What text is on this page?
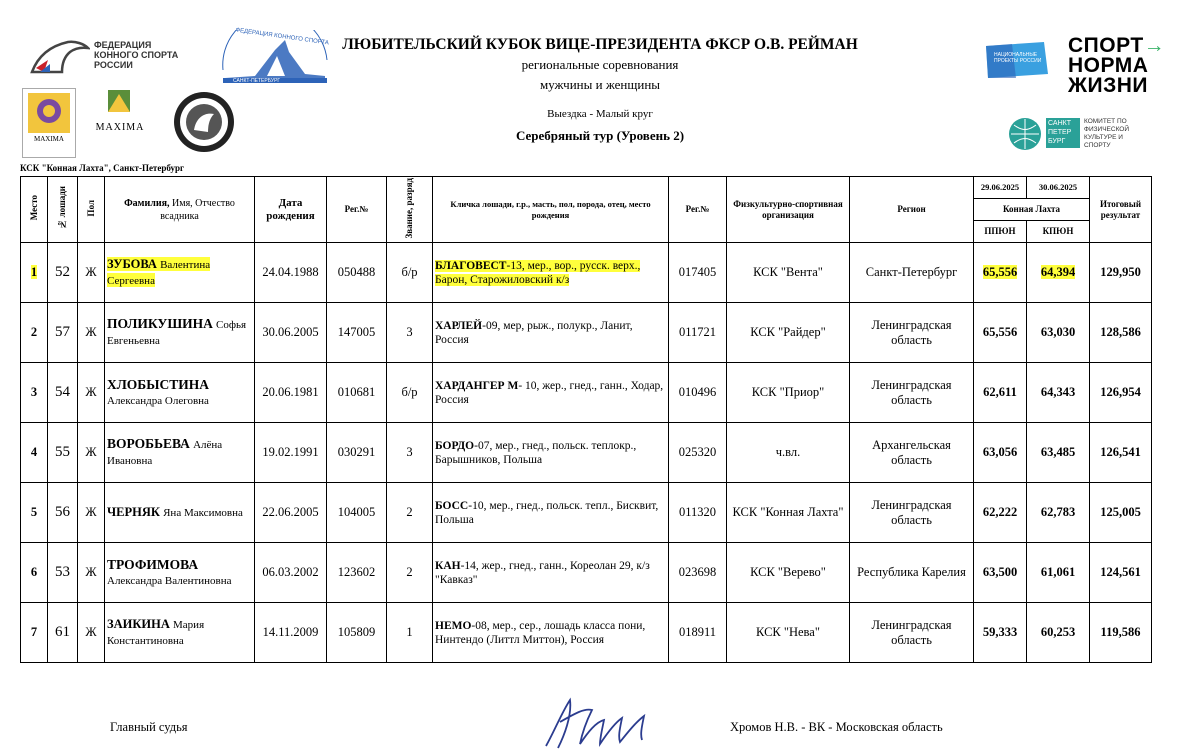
ФЕДЕРАЦИЯ
КОННОГО СПОРТА
РОССИИ
ФЕДЕРАЦИЯ КОННОГО СПОРТА
САНКТ-ПЕТЕРБУРГ
MAXIMA
MAXIMA
ЛЮБИТЕЛЬСКИЙ КУБОК ВИЦЕ-ПРЕЗИДЕНТА ФКСР О.В. РЕЙМАН
региональные соревнования
мужчины и женщины
Выездка - Малый круг
Серебряный тур (Уровень 2)
НАЦИОНАЛЬНЫЕ ПРОЕКТЫ РОССИИ
СПОРТ→
НОРМА
ЖИЗНИ
САНКТ ПЕТЕР БУРГ
КОМИТЕТ ПО ФИЗИЧЕСКОЙ КУЛЬТУРЕ И СПОРТУ
КСК "Конная Лахта", Санкт-Петербург
Место	№ лошади	Пол	Фамилия, Имя, Отчество всадника	Дата рождения	Рег.№	Звание, разряд	Кличка лошади, г.р., масть, пол, порода, отец, место рождения	Рег.№	Физкультурно-спортивная организация	Регион	29.06.2025	30.06.2025	Итоговый результат
											Конная Лахта		
											ППЮН	КПЮН	
1	52	Ж	ЗУБОВА Валентина Сергеевна	24.04.1988	050488	б/р	БЛАГОВЕСТ-13, мер., вор., русск. верх., Барон, Старожиловский к/з	017405	КСК "Вента"	Санкт-Петербург	65,556	64,394	129,950
2	57	Ж	ПОЛИКУШИНА Софья Евгеньевна	30.06.2005	147005	3	ХАРЛЕЙ-09, мер, рыж., полукр., Ланит, Россия	011721	КСК "Райдер"	Ленинградская область	65,556	63,030	128,586
3	54	Ж	ХЛОБЫСТИНА Александра Олеговна	20.06.1981	010681	б/р	ХАРДАНГЕР М- 10, жер., гнед., ганн., Ходар, Россия	010496	КСК "Приор"	Ленинградская область	62,611	64,343	126,954
4	55	Ж	ВОРОБЬЕВА Алёна Ивановна	19.02.1991	030291	3	БОРДО-07, мер., гнед., польск. теплокр., Барышников, Польша	025320	ч.вл.	Архангельская область	63,056	63,485	126,541
5	56	Ж	ЧЕРНЯК Яна Максимовна	22.06.2005	104005	2	БОСС-10, мер., гнед., польск. тепл., Бисквит, Польша	011320	КСК "Конная Лахта"	Ленинградская область	62,222	62,783	125,005
6	53	Ж	ТРОФИМОВА Александра Валентиновна	06.03.2002	123602	2	КАН-14, жер., гнед., ганн., Кореолан 29, к/з "Кавказ"	023698	КСК "Верево"	Республика Карелия	63,500	61,061	124,561
7	61	Ж	ЗАИКИНА Мария Константиновна	14.11.2009	105809	1	НЕМО-08, мер., сер., лошадь класса пони, Нинтендо (Литтл Миттон), Россия	018911	КСК "Нева"	Ленинградская область	59,333	60,253	119,586
Главный судья	Хромов Н.В. - ВК - Московская область
